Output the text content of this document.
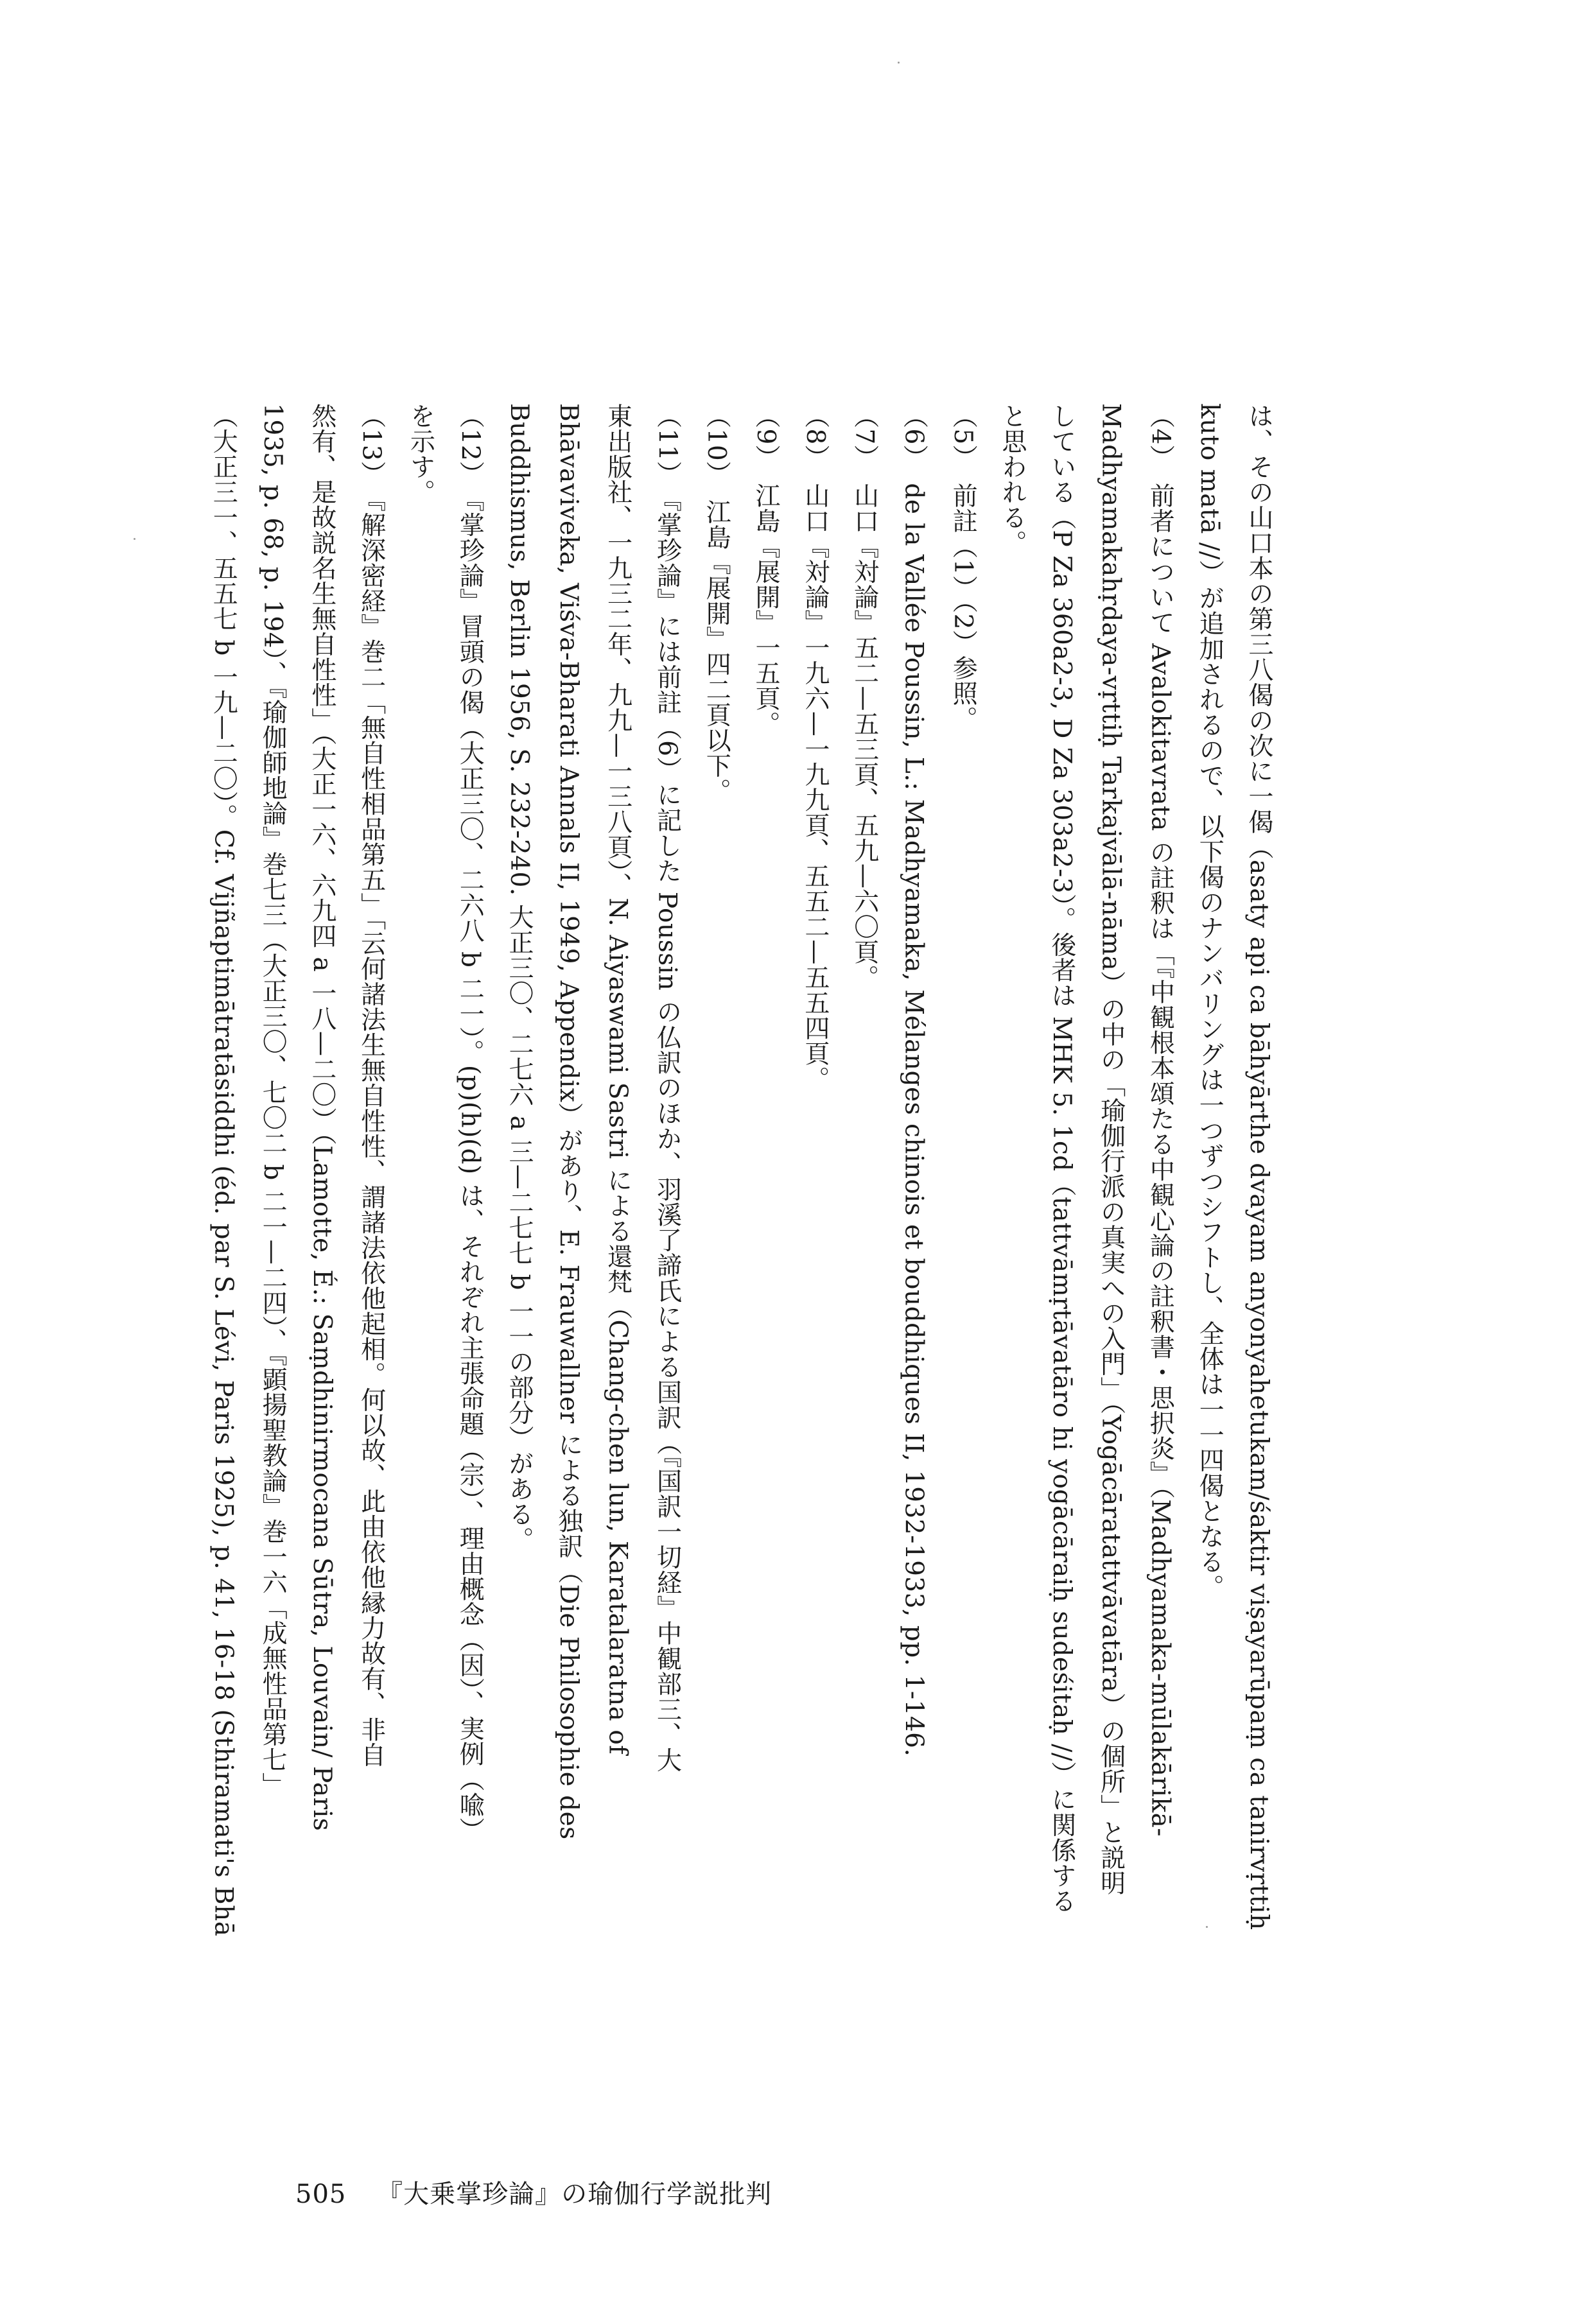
は、その山口本の第三八偈の次に一偈（asaty api ca bāhyārthe dvayam anyonyahetukam/śaktir viṣayarūpaṃ ca tanirvṛttiḥ
kuto matā //）が追加されるので、以下偈のナンバリングは一つずつシフトし、全体は一一四偈となる。
（4）　前者について Avalokitavrata の註釈は「『中観根本頌たる中観心論の註釈書・思択炎』（Madhyamaka-mūlakārikā-
Madhyamakahṛdaya-vṛttiḥ Tarkajvālā-nāma）の中の「瑜伽行派の真実への入門」（Yogācāratattvāvatāra）の個所」と説明
している（P Za 360a2-3, D Za 303a2-3）。後者は MHK 5. 1cd（tattvāmṛtāvatāro hi yogācāraiḥ sudeśitaḥ //）に関係する
と思われる。
（5）　前註（1）（2）参照。
（6）　de la Vallée Poussin, L.: Madhyamaka, Mélanges chinois et bouddhiques II, 1932-1933, pp. 1-146.
（7）　山口『対論』五二—五三頁、五九—六〇頁。
（8）　山口『対論』一九六—一九九頁、五五二—五五四頁。
（9）　江島『展開』一五頁。
（10）　江島『展開』四二頁以下。
（11）　『掌珍論』には前註（6）に記した Poussin の仏訳のほか、羽溪了諦氏による国訳（『国訳一切経』中観部三、大
東出版社、一九三二年、九九—一三八頁）、N. Aiyaswami Sastri による還梵（Chang-chen lun, Karatalaratna of
Bhāvaviveka, Viśva-Bharati Annals II, 1949, Appendix）があり、E. Frauwallner による独訳（Die Philosophie des
Buddhismus, Berlin 1956, S. 232-240. 大正三〇、二七六 a 三—二七七 b 一一の部分）がある。
（12）　『掌珍論』冒頭の偈（大正三〇、二六八 b 二一）。(p)(h)(d) は、それぞれ主張命題（宗）、理由概念（因）、実例（喩）
を示す。
（13）　『解深密経』巻二「無自性相品第五」「云何諸法生無自性性、謂諸法依他起相。何以故、此由依他縁力故有、非自
然有、是故説名生無自性性」（大正一六、六九四 a 一八—二〇）（Lamotte, É.: Saṃdhinirmocana Sūtra, Louvain/ Paris
1935, p. 68, p. 194）、『瑜伽師地論』巻七三（大正三〇、七〇二 b 二一—二四）、『顕揚聖教論』巻一六「成無性品第七」
（大正三一、五五七 b 一九—二〇）。Cf. Vijñaptimātratāsiddhi (éd. par S. Lévi, Paris 1925), p. 41, 16-18 (Sthiramati's Bhā
505 『大乗掌珍論』の瑜伽行学説批判
